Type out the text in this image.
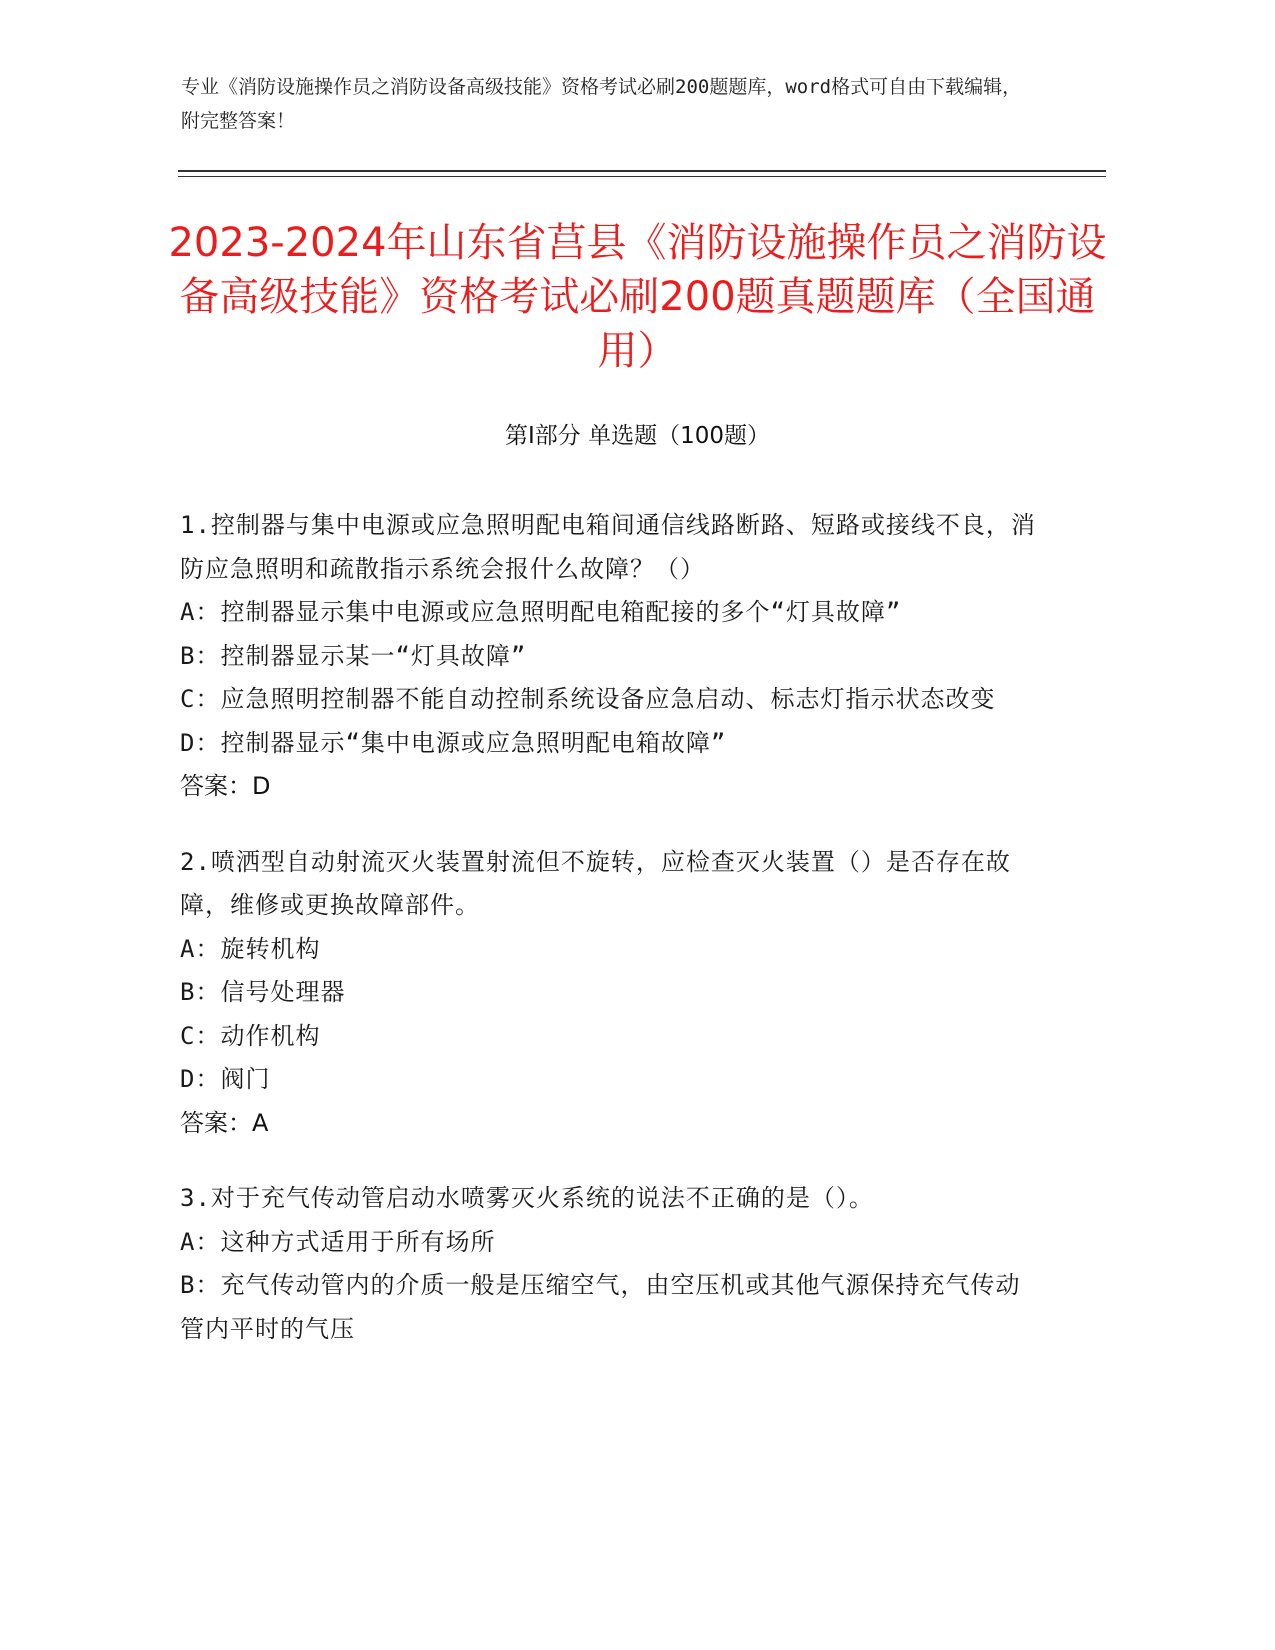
专业《消防设施操作员之消防设备高级技能》资格考试必刷200题题库，word格式可自由下载编辑，附完整答案！
2023-2024年山东省莒县《消防设施操作员之消防设备高级技能》资格考试必刷200题真题题库（全国通用）
第I部分 单选题（100题）

1.控制器与集中电源或应急照明配电箱间通信线路断路、短路或接线不良，消防应急照明和疏散指示系统会报什么故障？（）

A：控制器显示集中电源或应急照明配电箱配接的多个“灯具故障”

B：控制器显示某一“灯具故障”

C：应急照明控制器不能自动控制系统设备应急启动、标志灯指示状态改变

D：控制器显示“集中电源或应急照明配电箱故障”

答案：D

2.喷洒型自动射流灭火装置射流但不旋转，应检查灭火装置（）是否存在故障，维修或更换故障部件。

A：旋转机构

B：信号处理器

C：动作机构

D：阀门

答案：A

3.对于充气传动管启动水喷雾灭火系统的说法不正确的是（）。

A：这种方式适用于所有场所

B：充气传动管内的介质一般是压缩空气，由空压机或其他气源保持充气传动管内平时的气压
